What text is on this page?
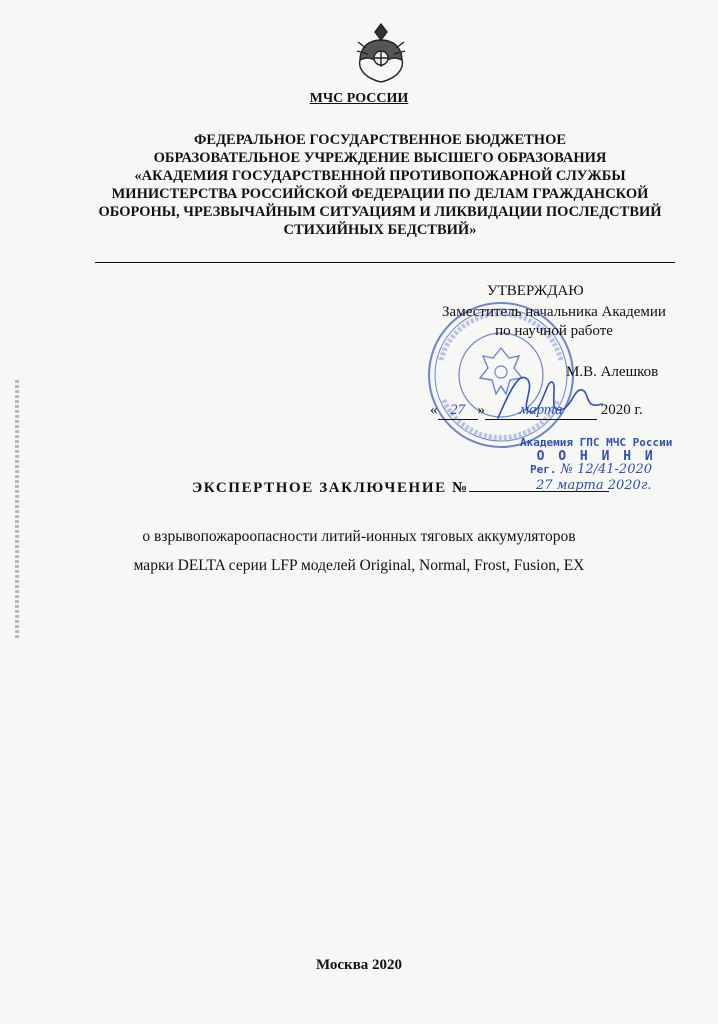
МЧС РОССИИ
ФЕДЕРАЛЬНОЕ ГОСУДАРСТВЕННОЕ БЮДЖЕТНОЕ
ОБРАЗОВАТЕЛЬНОЕ УЧРЕЖДЕНИЕ ВЫСШЕГО ОБРАЗОВАНИЯ
«АКАДЕМИЯ ГОСУДАРСТВЕННОЙ ПРОТИВОПОЖАРНОЙ СЛУЖБЫ
МИНИСТЕРСТВА РОССИЙСКОЙ ФЕДЕРАЦИИ ПО ДЕЛАМ ГРАЖДАНСКОЙ
ОБОРОНЫ, ЧРЕЗВЫЧАЙНЫМ СИТУАЦИЯМ И ЛИКВИДАЦИИ ПОСЛЕДСТВИЙ
СТИХИЙНЫХ БЕДСТВИЙ»
УТВЕРЖДАЮ
Заместитель начальника Академии
по научной работе
М.В. Алешков
« 27 » марта	2020 г.
Академия ГПС МЧС России
О О Н И Н И
Рег. № 12/41-2020
ЭКСПЕРТНОЕ ЗАКЛЮЧЕНИЕ №	27 марта 2020г.
о взрывопожароопасности литий-ионных тяговых аккумуляторов
марки DELTA серии LFP моделей Original, Normal, Frost, Fusion, EX
Москва 2020
